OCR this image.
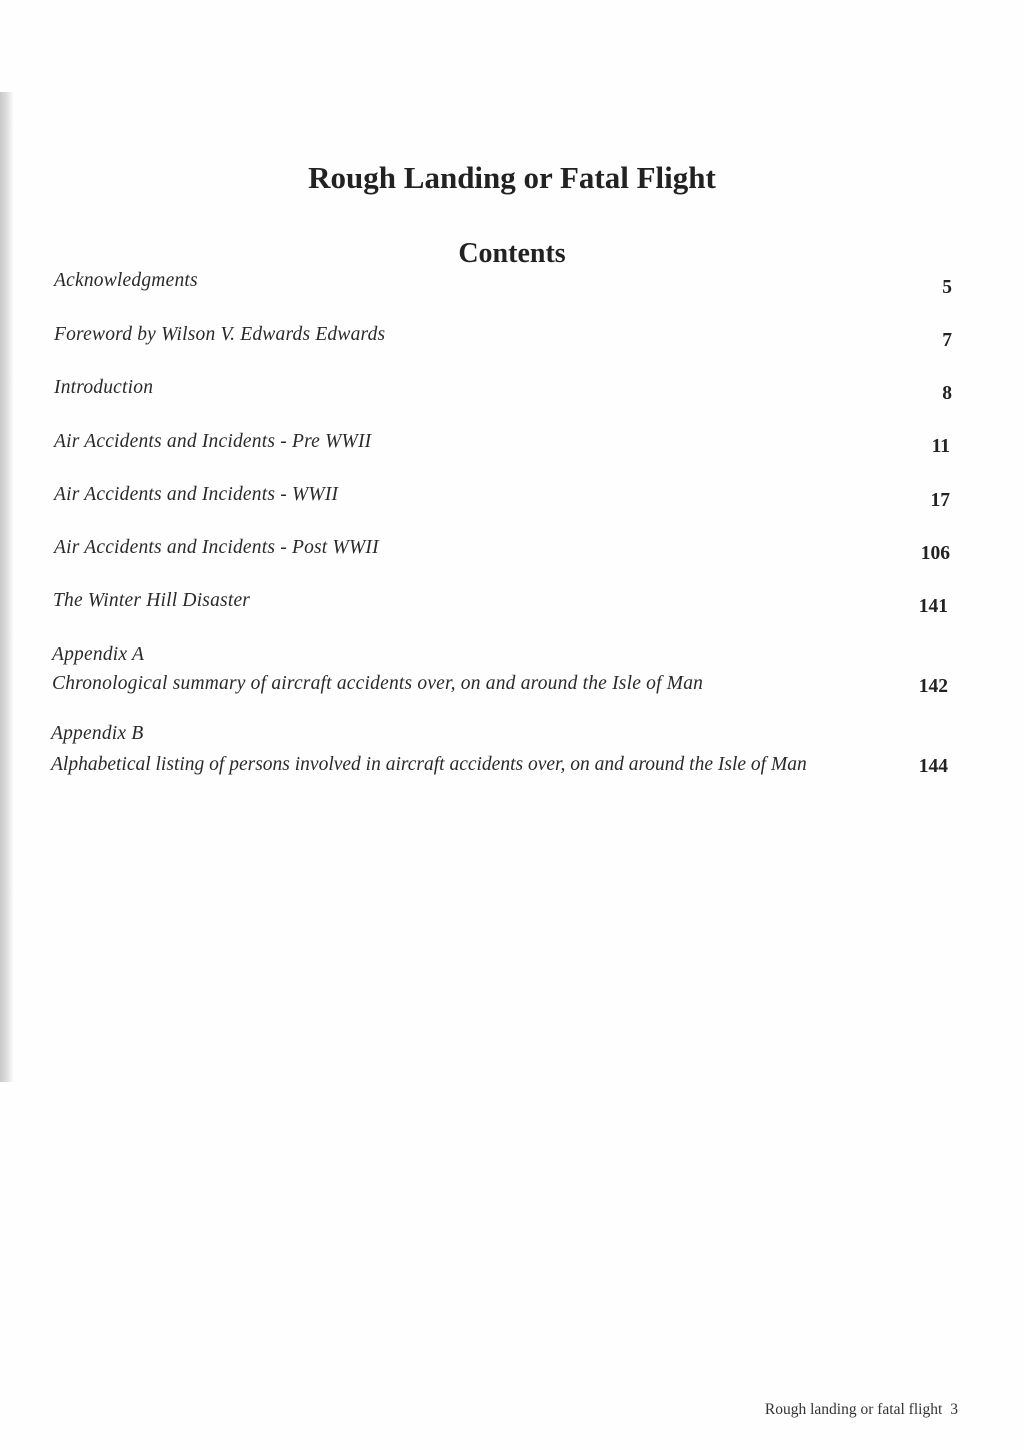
Rough Landing or Fatal Flight
Contents
Acknowledgments	5
Foreword by Wilson V. Edwards Edwards	7
Introduction	8
Air Accidents and Incidents - Pre WWII	11
Air Accidents and Incidents - WWII	17
Air Accidents and Incidents - Post WWII	106
The Winter Hill Disaster	141
Appendix A
Chronological summary of aircraft accidents over, on and around the Isle of Man	142
Appendix B
Alphabetical listing of persons involved in aircraft accidents over, on and around the Isle of Man	144
Rough landing or fatal flight 3
